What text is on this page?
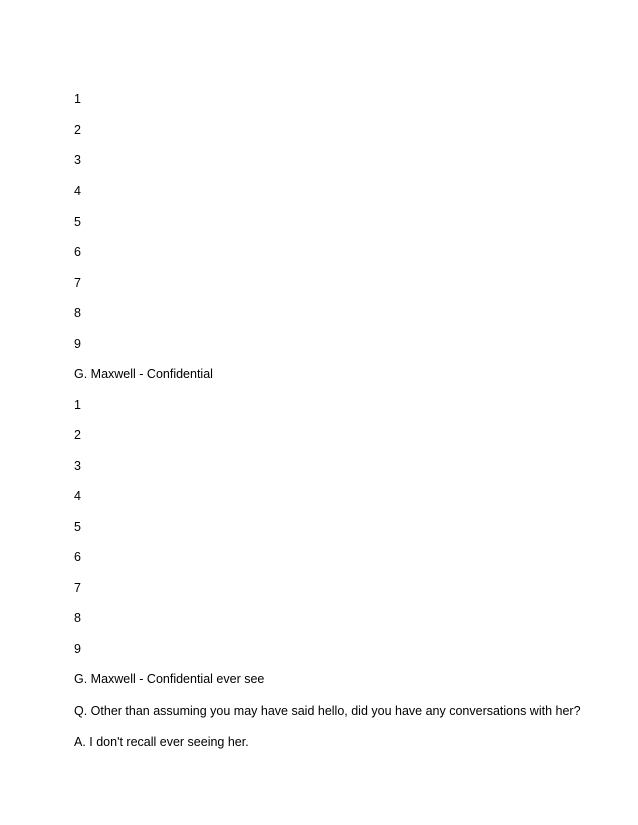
1
2
3
4
5
6
7
8
9
G. Maxwell - Confidential
1
2
3
4
5
6
7
8
9
G. Maxwell - Confidential ever see
Q. Other than assuming you may have said hello, did you have any conversations with her?
A. I don't recall ever seeing her.
